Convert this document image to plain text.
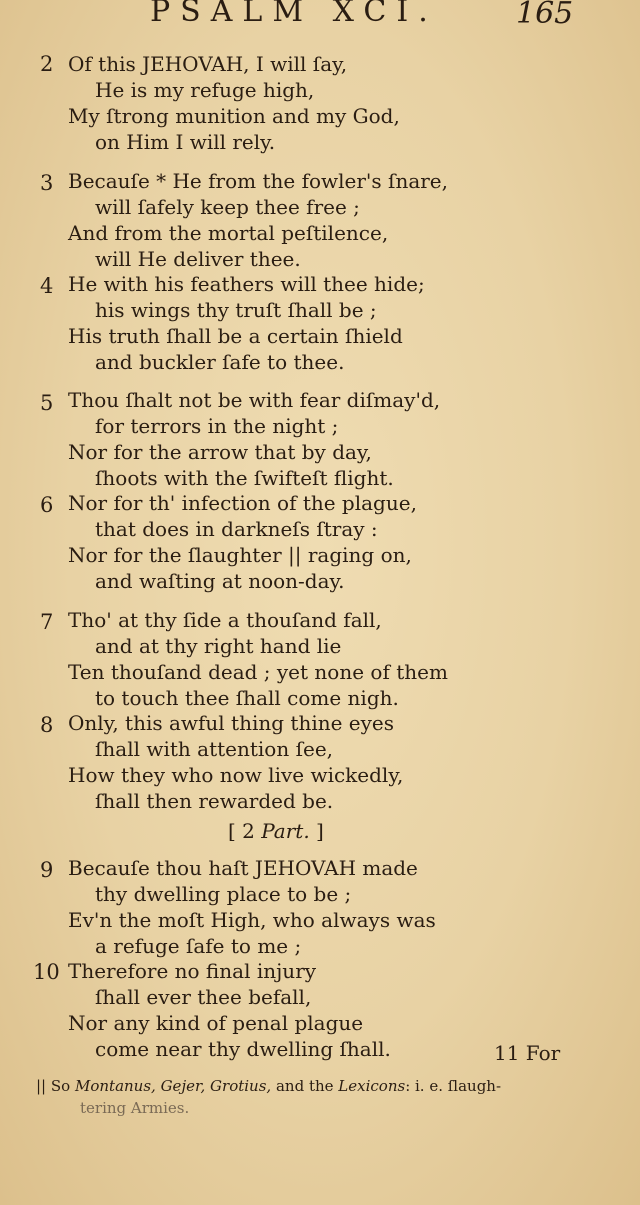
PSALM XCI.	165
2 Of this JEHOVAH, I will ſay,
He is my refuge high,
My ſtrong munition and my God,
on Him I will rely.
3 Becauſe * He from the fowler's ſnare,
will ſafely keep thee free ;
And from the mortal peſtilence,
will He deliver thee.
4 He with his feathers will thee hide;
his wings thy truſt ſhall be ;
His truth ſhall be a certain ſhield
and buckler ſafe to thee.
5 Thou ſhalt not be with fear diſmay'd,
for terrors in the night ;
Nor for the arrow that by day,
ſhoots with the ſwifteſt flight.
6 Nor for th' infection of the plague,
that does in darkneſs ſtray :
Nor for the ſlaughter || raging on,
and waſting at noon-day.
7 Tho' at thy ſide a thouſand fall,
and at thy right hand lie
Ten thouſand dead ; yet none of them
to touch thee ſhall come nigh.
8 Only, this awful thing thine eyes
ſhall with attention ſee,
How they who now live wickedly,
ſhall then rewarded be.
[ 2 Part. ]
9 Becauſe thou haſt JEHOVAH made
thy dwelling place to be ;
Ev'n the moſt High, who always was
a refuge ſafe to me ;
10 Therefore no final injury
ſhall ever thee befall,
Nor any kind of penal plague
come near thy dwelling ſhall.	11 For
|| So Montanus, Gejer, Grotius, and the Lexicons: i. e. ſlaugh-
tering Armies.
